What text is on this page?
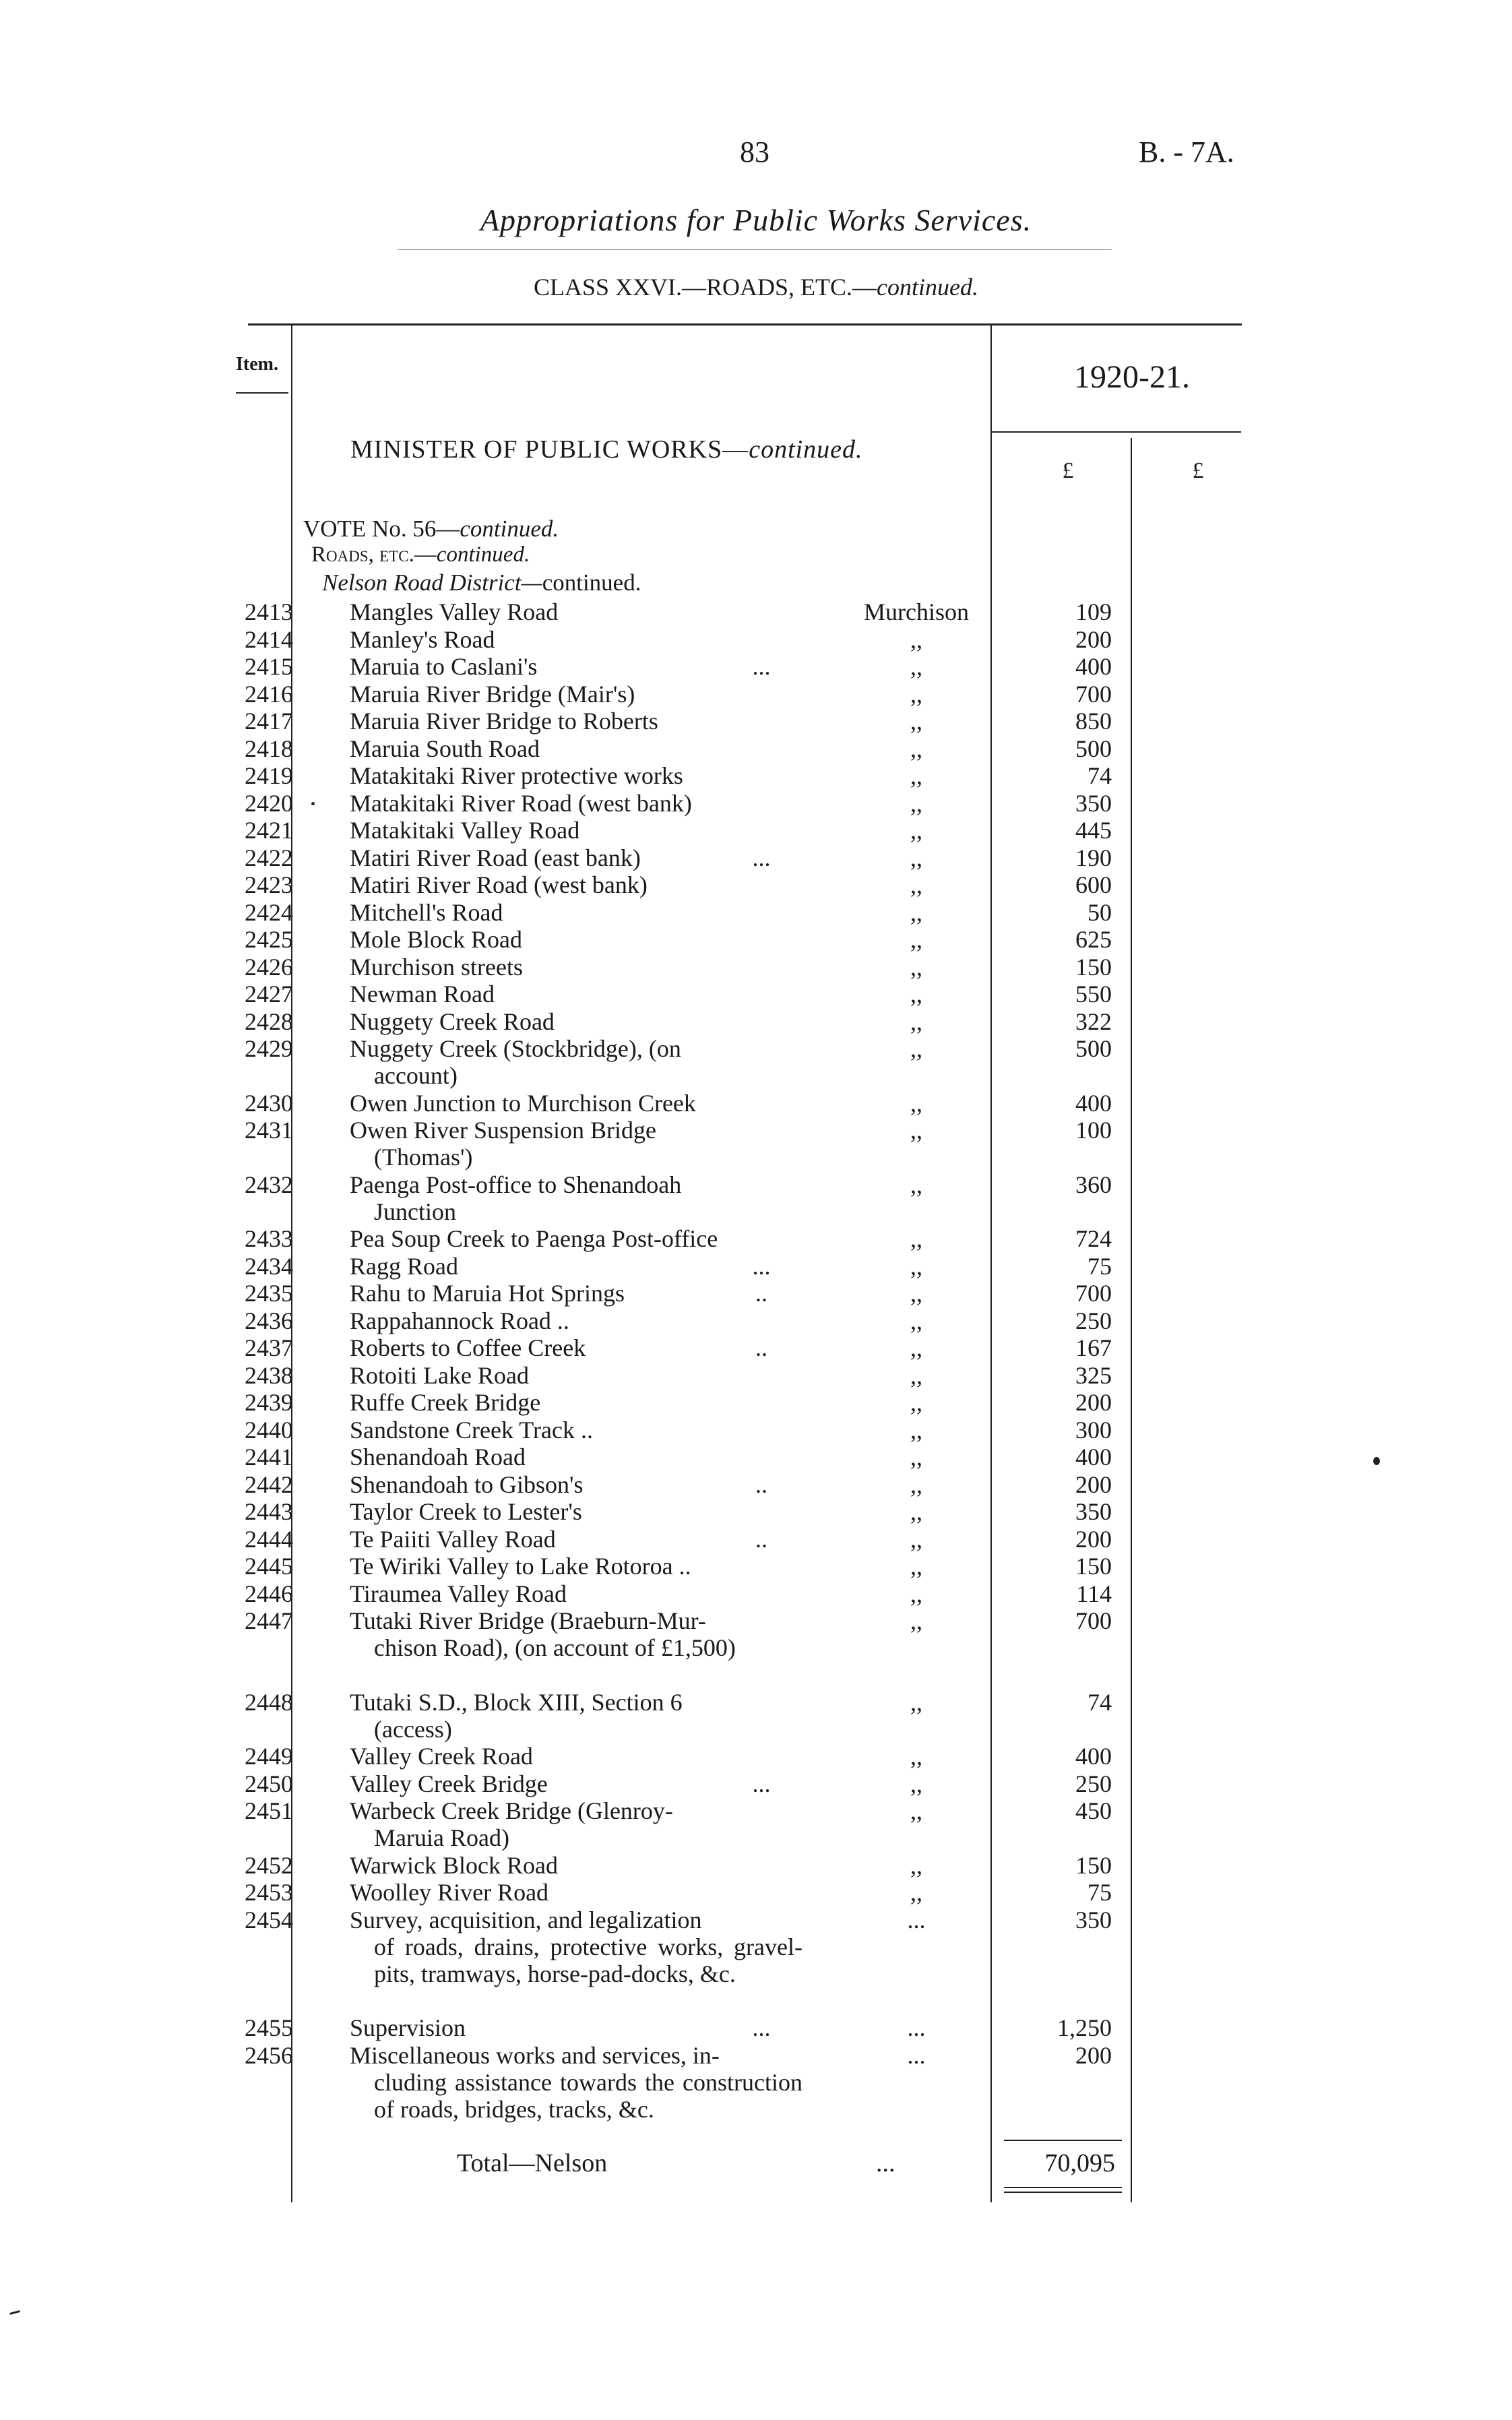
83	B. - 7A.
Appropriations for Public Works Services.
CLASS XXVI.—ROADS, ETC.—continued.
Item.	1920-21.
£	£
MINISTER OF PUBLIC WORKS—continued.
VOTE No. 56—continued.
Roads, etc.—continued.
Nelson Road District—continued.
2413 Mangles Valley Road	Murchison	109
2414 Manley's Road	,,	200
2415 Maruia to Caslani's	...	,,	400
2416 Maruia River Bridge (Mair's)	,,	700
2417 Maruia River Bridge to Roberts	,,	850
2418 Maruia South Road	,,	500
2419 Matakitaki River protective works	,,	74
2420 Matakitaki River Road (west bank)	,,	350
2421 Matakitaki Valley Road	,,	445
2422 Matiri River Road (east bank)	...	,,	190
2423 Matiri River Road (west bank)	,,	600
2424 Mitchell's Road	,,	50
2425 Mole Block Road	,,	625
2426 Murchison streets	,,	150
2427 Newman Road	,,	550
2428 Nuggety Creek Road	,,	322
2429 Nuggety Creek (Stockbridge), (on
account)
,,	500
2430 Owen Junction to Murchison Creek	,,	400
2431 Owen River Suspension Bridge
(Thomas')
,,	100
2432 Paenga Post-office to Shenandoah
Junction
,,	360
2433 Pea Soup Creek to Paenga Post-office	,,	724
2434 Ragg Road	...	,,	75
2435 Rahu to Maruia Hot Springs	..	,,	700
2436 Rappahannock Road ..	,,	250
2437 Roberts to Coffee Creek	..	,,	167
2438 Rotoiti Lake Road	,,	325
2439 Ruffe Creek Bridge	,,	200
2440 Sandstone Creek Track ..	,,	300
2441 Shenandoah Road	,,	400
2442 Shenandoah to Gibson's	..	,,	200
2443 Taylor Creek to Lester's	,,	350
2444 Te Paiiti Valley Road	..	,,	200
2445 Te Wiriki Valley to Lake Rotoroa ..	,,	150
2446 Tiraumea Valley Road	,,	114
2447 Tutaki River Bridge (Braeburn-Mur-
chison Road), (on account of £1,500)
,,	700
2448 Tutaki S.D., Block XIII, Section 6
(access)
,,	74
2449 Valley Creek Road	,,	400
2450 Valley Creek Bridge	...	,,	250
2451 Warbeck Creek Bridge (Glenroy-
Maruia Road)
,,	450
2452 Warwick Block Road	,,	150
2453 Woolley River Road	,,	75
2454 Survey, acquisition, and legalization
of roads, drains, protective works, gravel-pits, tramways, horse-pad-docks, &c.
...	350
2455 Supervision	...	...	1,250
2456 Miscellaneous works and services, in-
cluding assistance towards the construction of roads, bridges, tracks, &c.
...	200
Total—Nelson	...	70,095
